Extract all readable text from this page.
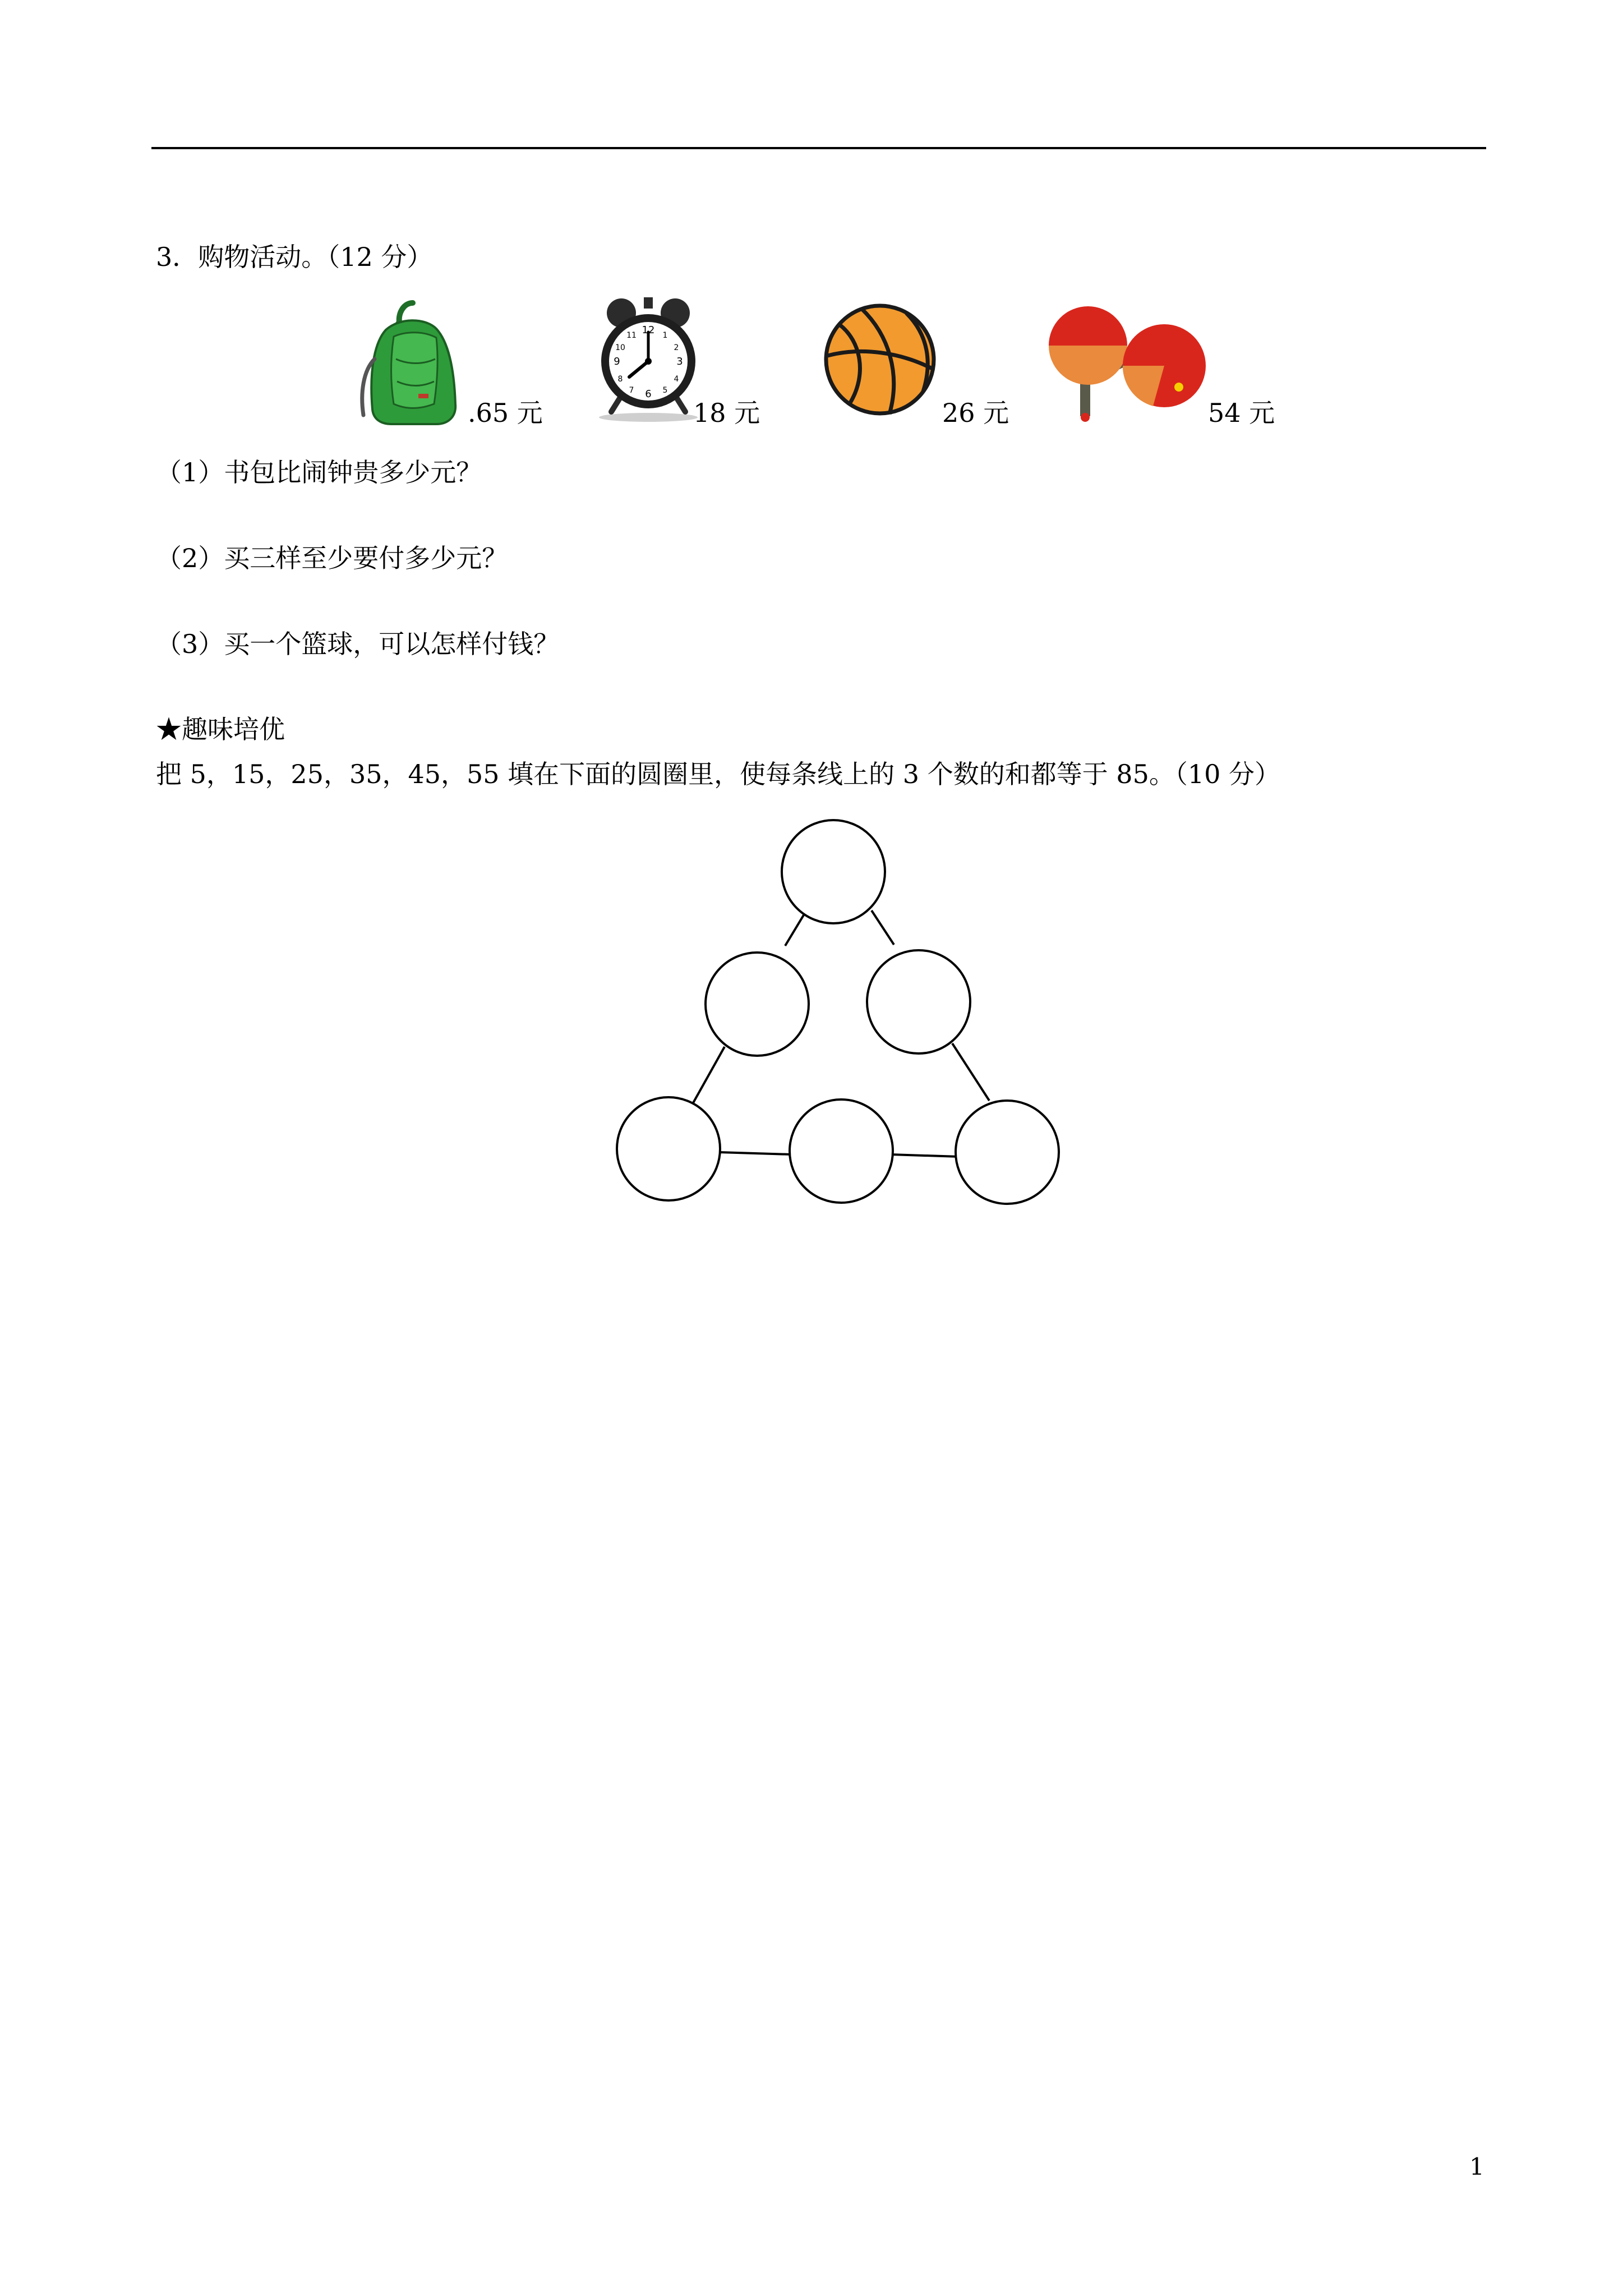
3．购物活动。（12 分）
.65 元
12
3
6
9
1
2
4
5
7
8
10
11
18 元	26 元	54 元
（1）书包比闹钟贵多少元？
（2）买三样至少要付多少元？
（3）买一个篮球，可以怎样付钱？
★趣味培优
把 5，15，25，35，45，55 填在下面的圆圈里，使每条线上的 3 个数的和都等于 85。（10 分）
1
